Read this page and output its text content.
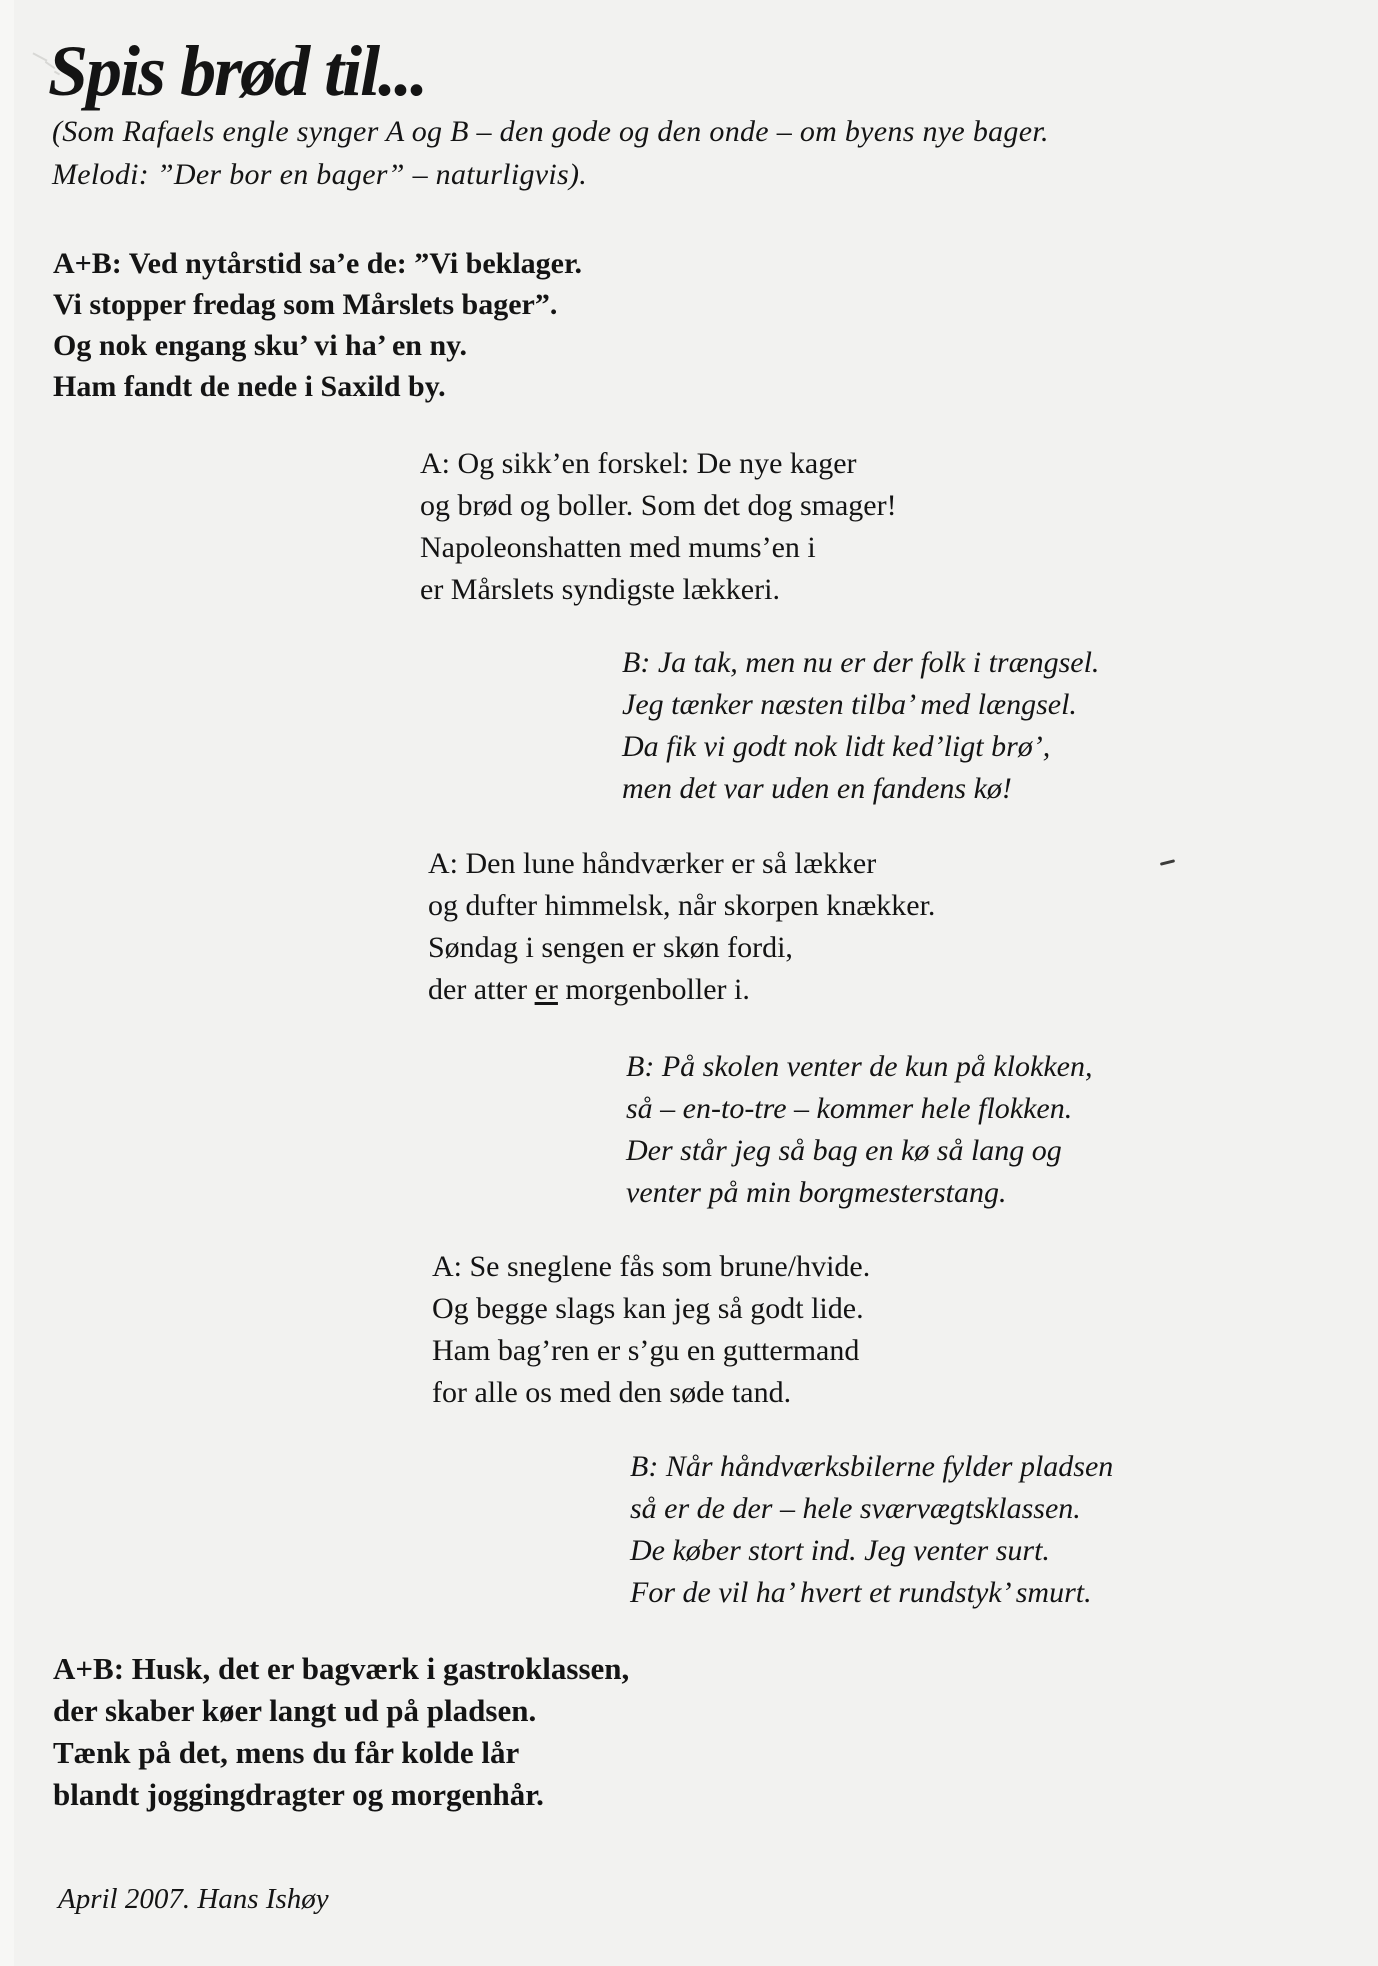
Spis brød til...
(Som Rafaels engle synger A og B – den gode og den onde – om byens nye bager.
Melodi: ”Der bor en bager” – naturligvis).
A+B: Ved nytårstid sa’e de: ”Vi beklager.
Vi stopper fredag som Mårslets bager”.
Og nok engang sku’ vi ha’ en ny.
Ham fandt de nede i Saxild by.
A: Og sikk’en forskel: De nye kager
og brød og boller. Som det dog smager!
Napoleonshatten med mums’en i
er Mårslets syndigste lækkeri.
B: Ja tak, men nu er der folk i trængsel.
Jeg tænker næsten tilba’ med længsel.
Da fik vi godt nok lidt ked’ligt brø’,
men det var uden en fandens kø!
A: Den lune håndværker er så lækker
og dufter himmelsk, når skorpen knækker.
Søndag i sengen er skøn fordi,
der atter er morgenboller i.
B: På skolen venter de kun på klokken,
så – en-to-tre – kommer hele flokken.
Der står jeg så bag en kø så lang og
venter på min borgmesterstang.
A: Se sneglene fås som brune/hvide.
Og begge slags kan jeg så godt lide.
Ham bag’ren er s’gu en guttermand
for alle os med den søde tand.
B: Når håndværksbilerne fylder pladsen
så er de der – hele sværvægtsklassen.
De køber stort ind. Jeg venter surt.
For de vil ha’ hvert et rundstyk’ smurt.
A+B: Husk, det er bagværk i gastroklassen,
der skaber køer langt ud på pladsen.
Tænk på det, mens du får kolde lår
blandt joggingdragter og morgenhår.
April 2007. Hans Ishøy
